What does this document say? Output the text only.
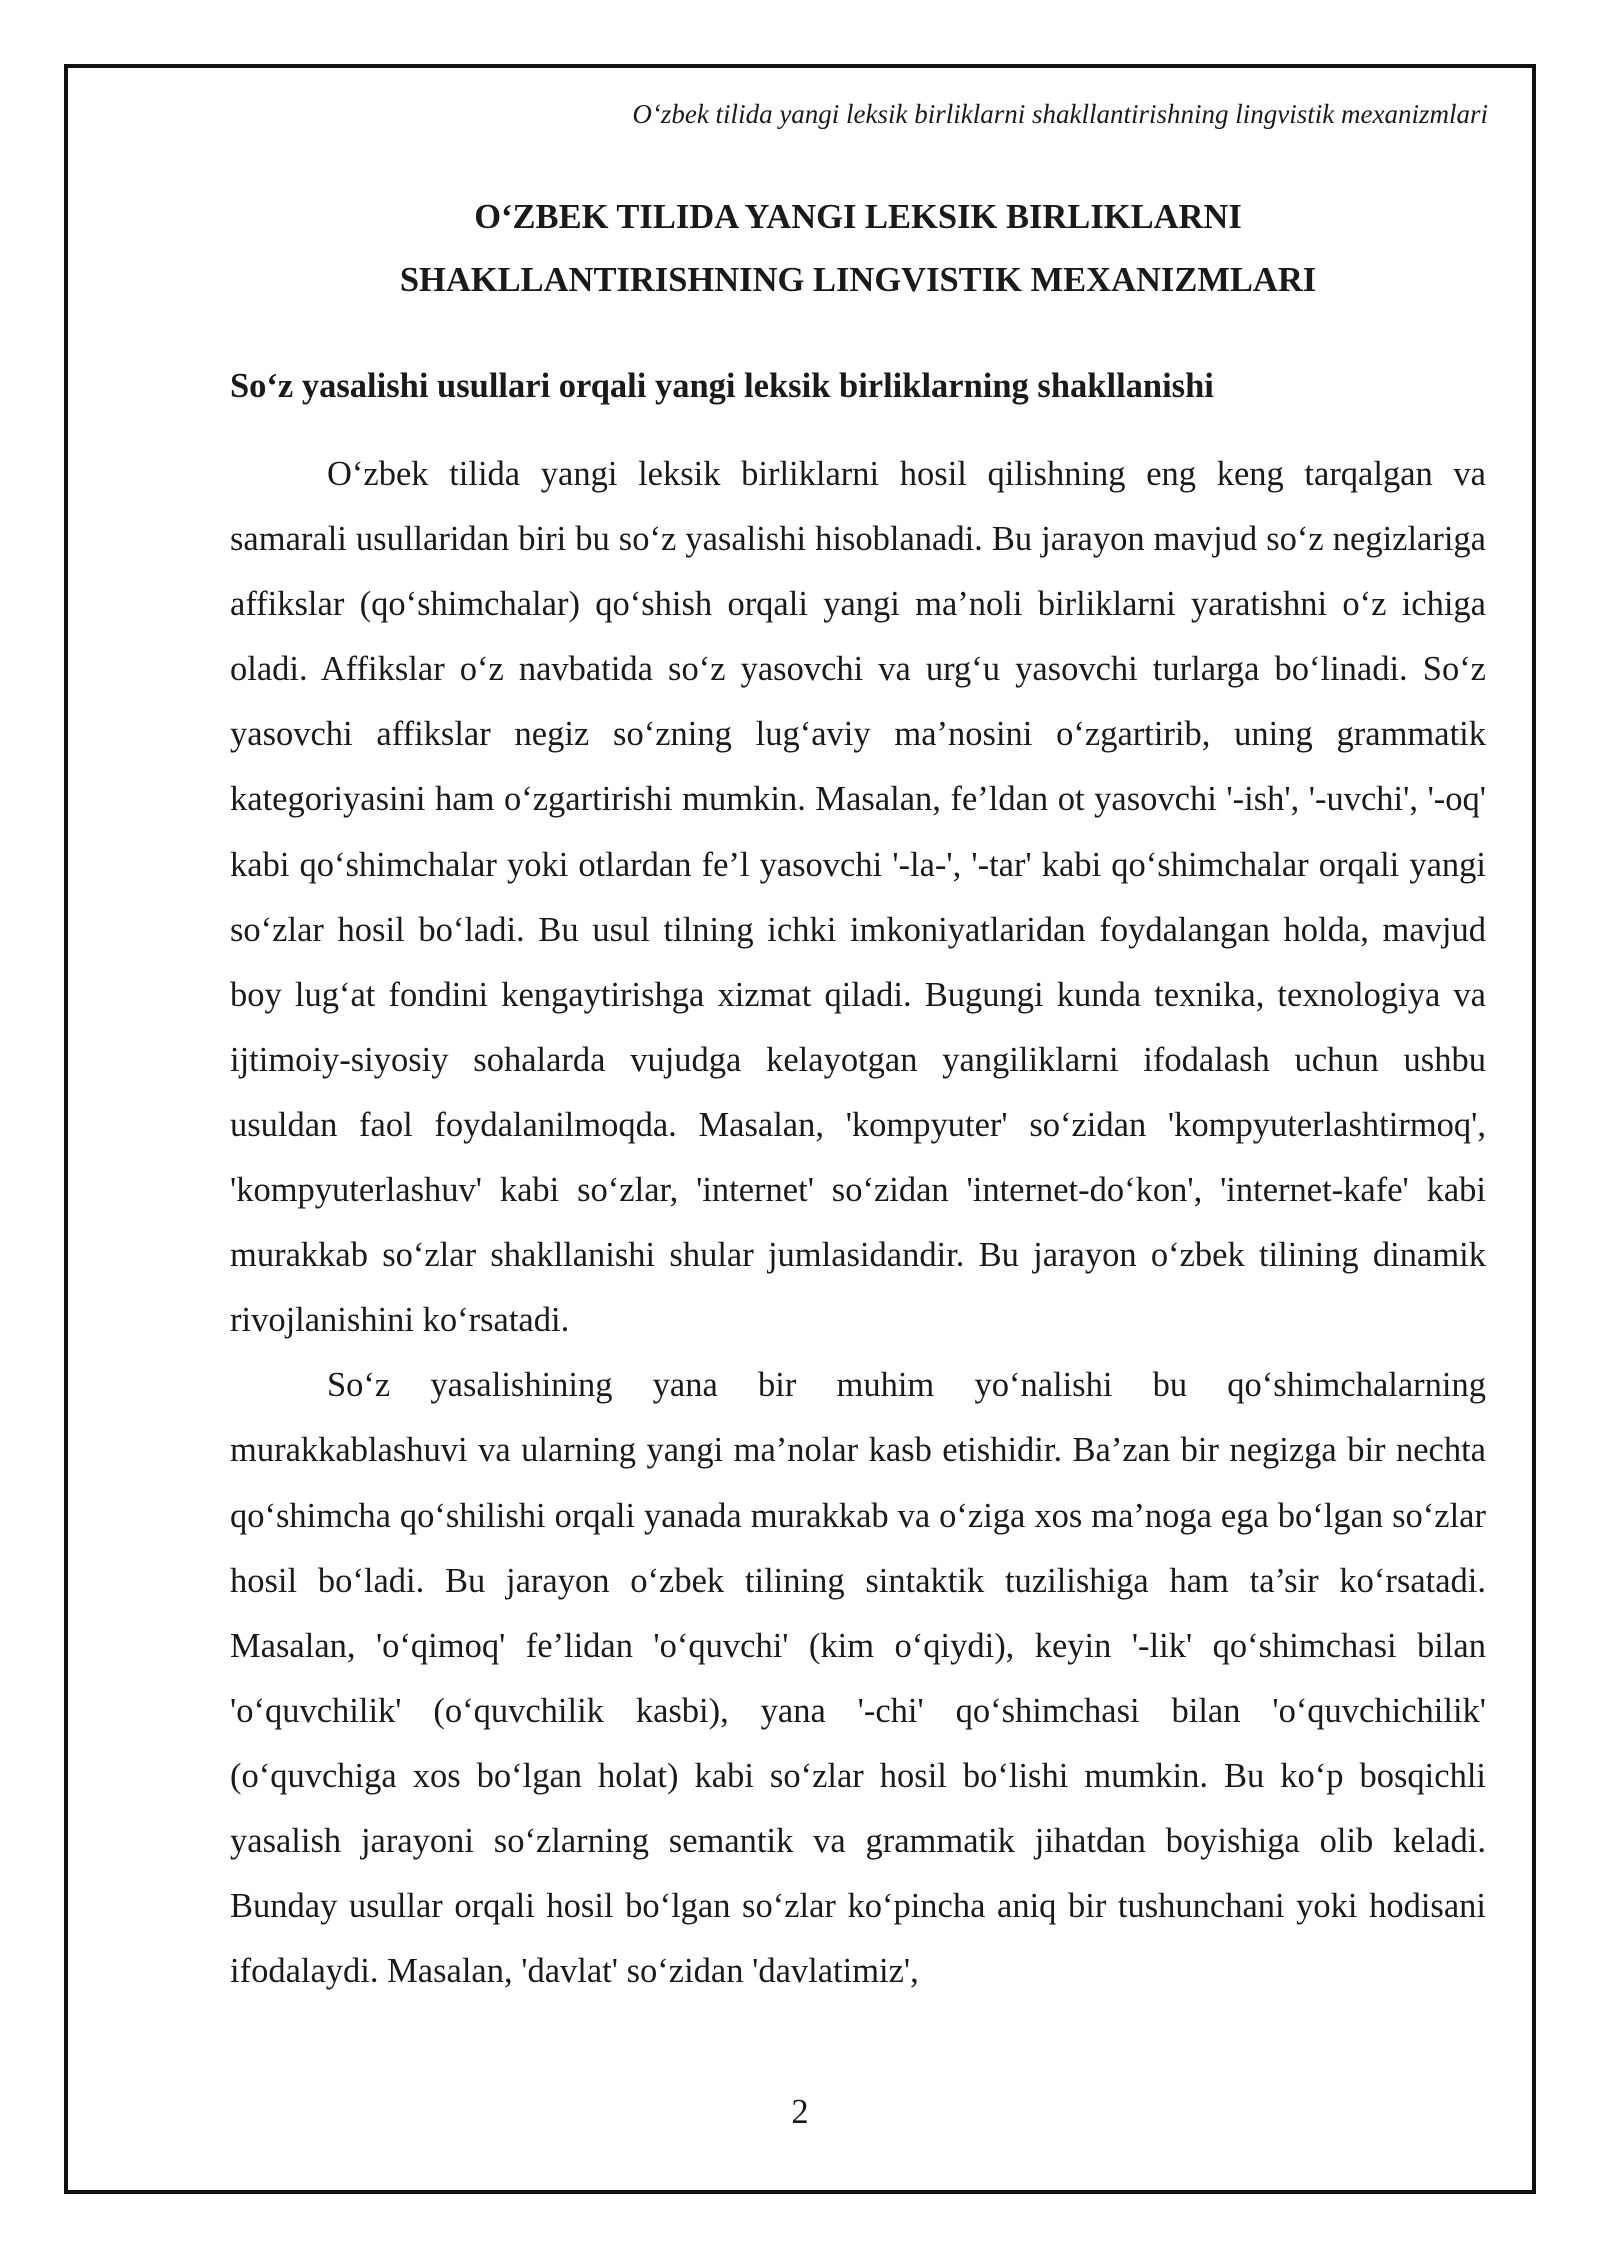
O‘zbek tilida yangi leksik birliklarni shakllantirishning lingvistik mexanizmlari
O‘ZBEK TILIDA YANGI LEKSIK BIRLIKLARNI
SHAKLLANTIRISHNING LINGVISTIK MEXANIZMLARI
So‘z yasalishi usullari orqali yangi leksik birliklarning shakllanishi

O‘zbek tilida yangi leksik birliklarni hosil qilishning eng keng tarqalgan va samarali usullaridan biri bu so‘z yasalishi hisoblanadi. Bu jarayon mavjud so‘z negizlariga affikslar (qo‘shimchalar) qo‘shish orqali yangi ma’noli birliklarni yaratishni o‘z ichiga oladi. Affikslar o‘z navbatida so‘z yasovchi va urg‘u yasovchi turlarga bo‘linadi. So‘z yasovchi affikslar negiz so‘zning lug‘aviy ma’nosini o‘zgartirib, uning grammatik kategoriyasini ham o‘zgartirishi mumkin. Masalan, fe’ldan ot yasovchi '-ish', '-uvchi', '-oq' kabi qo‘shimchalar yoki otlardan fe’l yasovchi '-la-', '-tar' kabi qo‘shimchalar orqali yangi so‘zlar hosil bo‘ladi. Bu usul tilning ichki imkoniyatlaridan foydalangan holda, mavjud boy lug‘at fondini kengaytirishga xizmat qiladi. Bugungi kunda texnika, texnologiya va ijtimoiy-siyosiy sohalarda vujudga kelayotgan yangiliklarni ifodalash uchun ushbu usuldan faol foydalanilmoqda. Masalan, 'kompyuter' so‘zidan 'kompyuterlashtirmoq', 'kompyuterlashuv' kabi so‘zlar, 'internet' so‘zidan 'internet-do‘kon', 'internet-kafe' kabi murakkab so‘zlar shakllanishi shular jumlasidandir. Bu jarayon o‘zbek tilining dinamik rivojlanishini ko‘rsatadi.

So‘z yasalishining yana bir muhim yo‘nalishi bu qo‘shimchalarning murakkablashuvi va ularning yangi ma’nolar kasb etishidir. Ba’zan bir negizga bir nechta qo‘shimcha qo‘shilishi orqali yanada murakkab va o‘ziga xos ma’noga ega bo‘lgan so‘zlar hosil bo‘ladi. Bu jarayon o‘zbek tilining sintaktik tuzilishiga ham ta’sir ko‘rsatadi. Masalan, 'o‘qimoq' fe’lidan 'o‘quvchi' (kim o‘qiydi), keyin '-lik' qo‘shimchasi bilan 'o‘quvchilik' (o‘quvchilik kasbi), yana '-chi' qo‘shimchasi bilan 'o‘quvchichilik' (o‘quvchiga xos bo‘lgan holat) kabi so‘zlar hosil bo‘lishi mumkin. Bu ko‘p bosqichli yasalish jarayoni so‘zlarning semantik va grammatik jihatdan boyishiga olib keladi. Bunday usullar orqali hosil bo‘lgan so‘zlar ko‘pincha aniq bir tushunchani yoki hodisani ifodalaydi. Masalan, 'davlat' so‘zidan 'davlatimiz',

2
